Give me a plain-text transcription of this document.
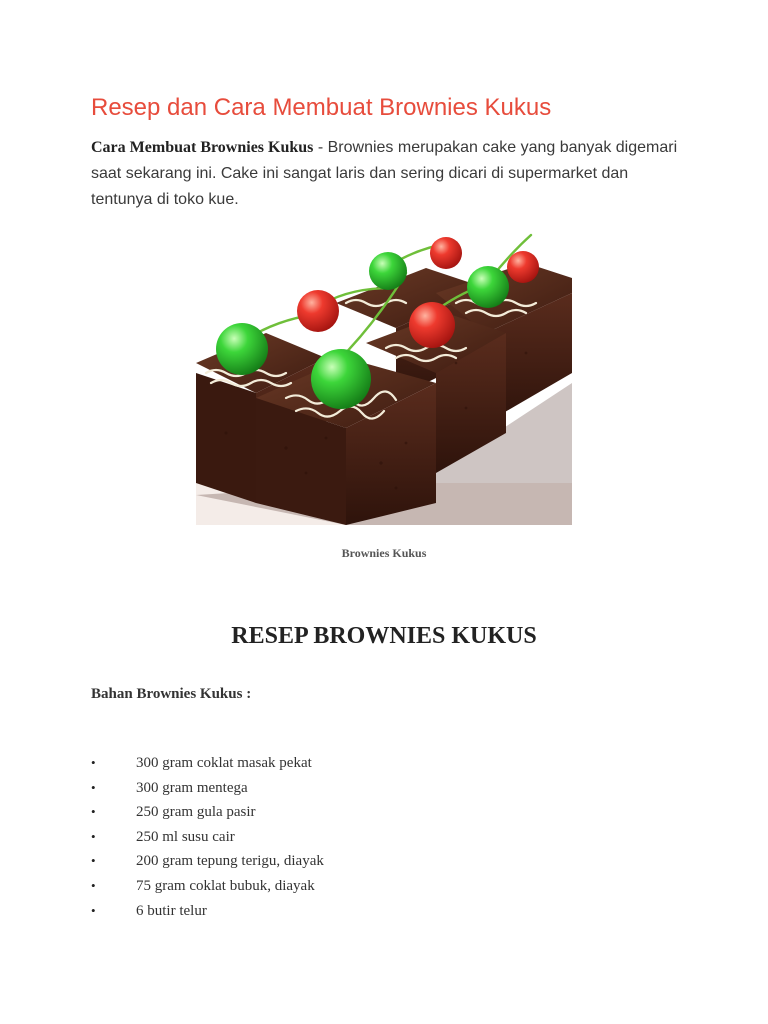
Resep dan Cara Membuat Brownies Kukus

Cara Membuat Brownies Kukus - Brownies merupakan cake yang banyak digemari saat sekarang ini. Cake ini sangat laris dan sering dicari di supermarket dan tentunya di toko kue.

Brownies Kukus
RESEP BROWNIES KUKUS
Bahan Brownies Kukus :
•	300 gram coklat masak pekat
•	300 gram mentega
•	250 gram gula pasir
•	250 ml susu cair
•	200 gram tepung terigu, diayak
•	75 gram coklat bubuk, diayak
•	6 butir telur
